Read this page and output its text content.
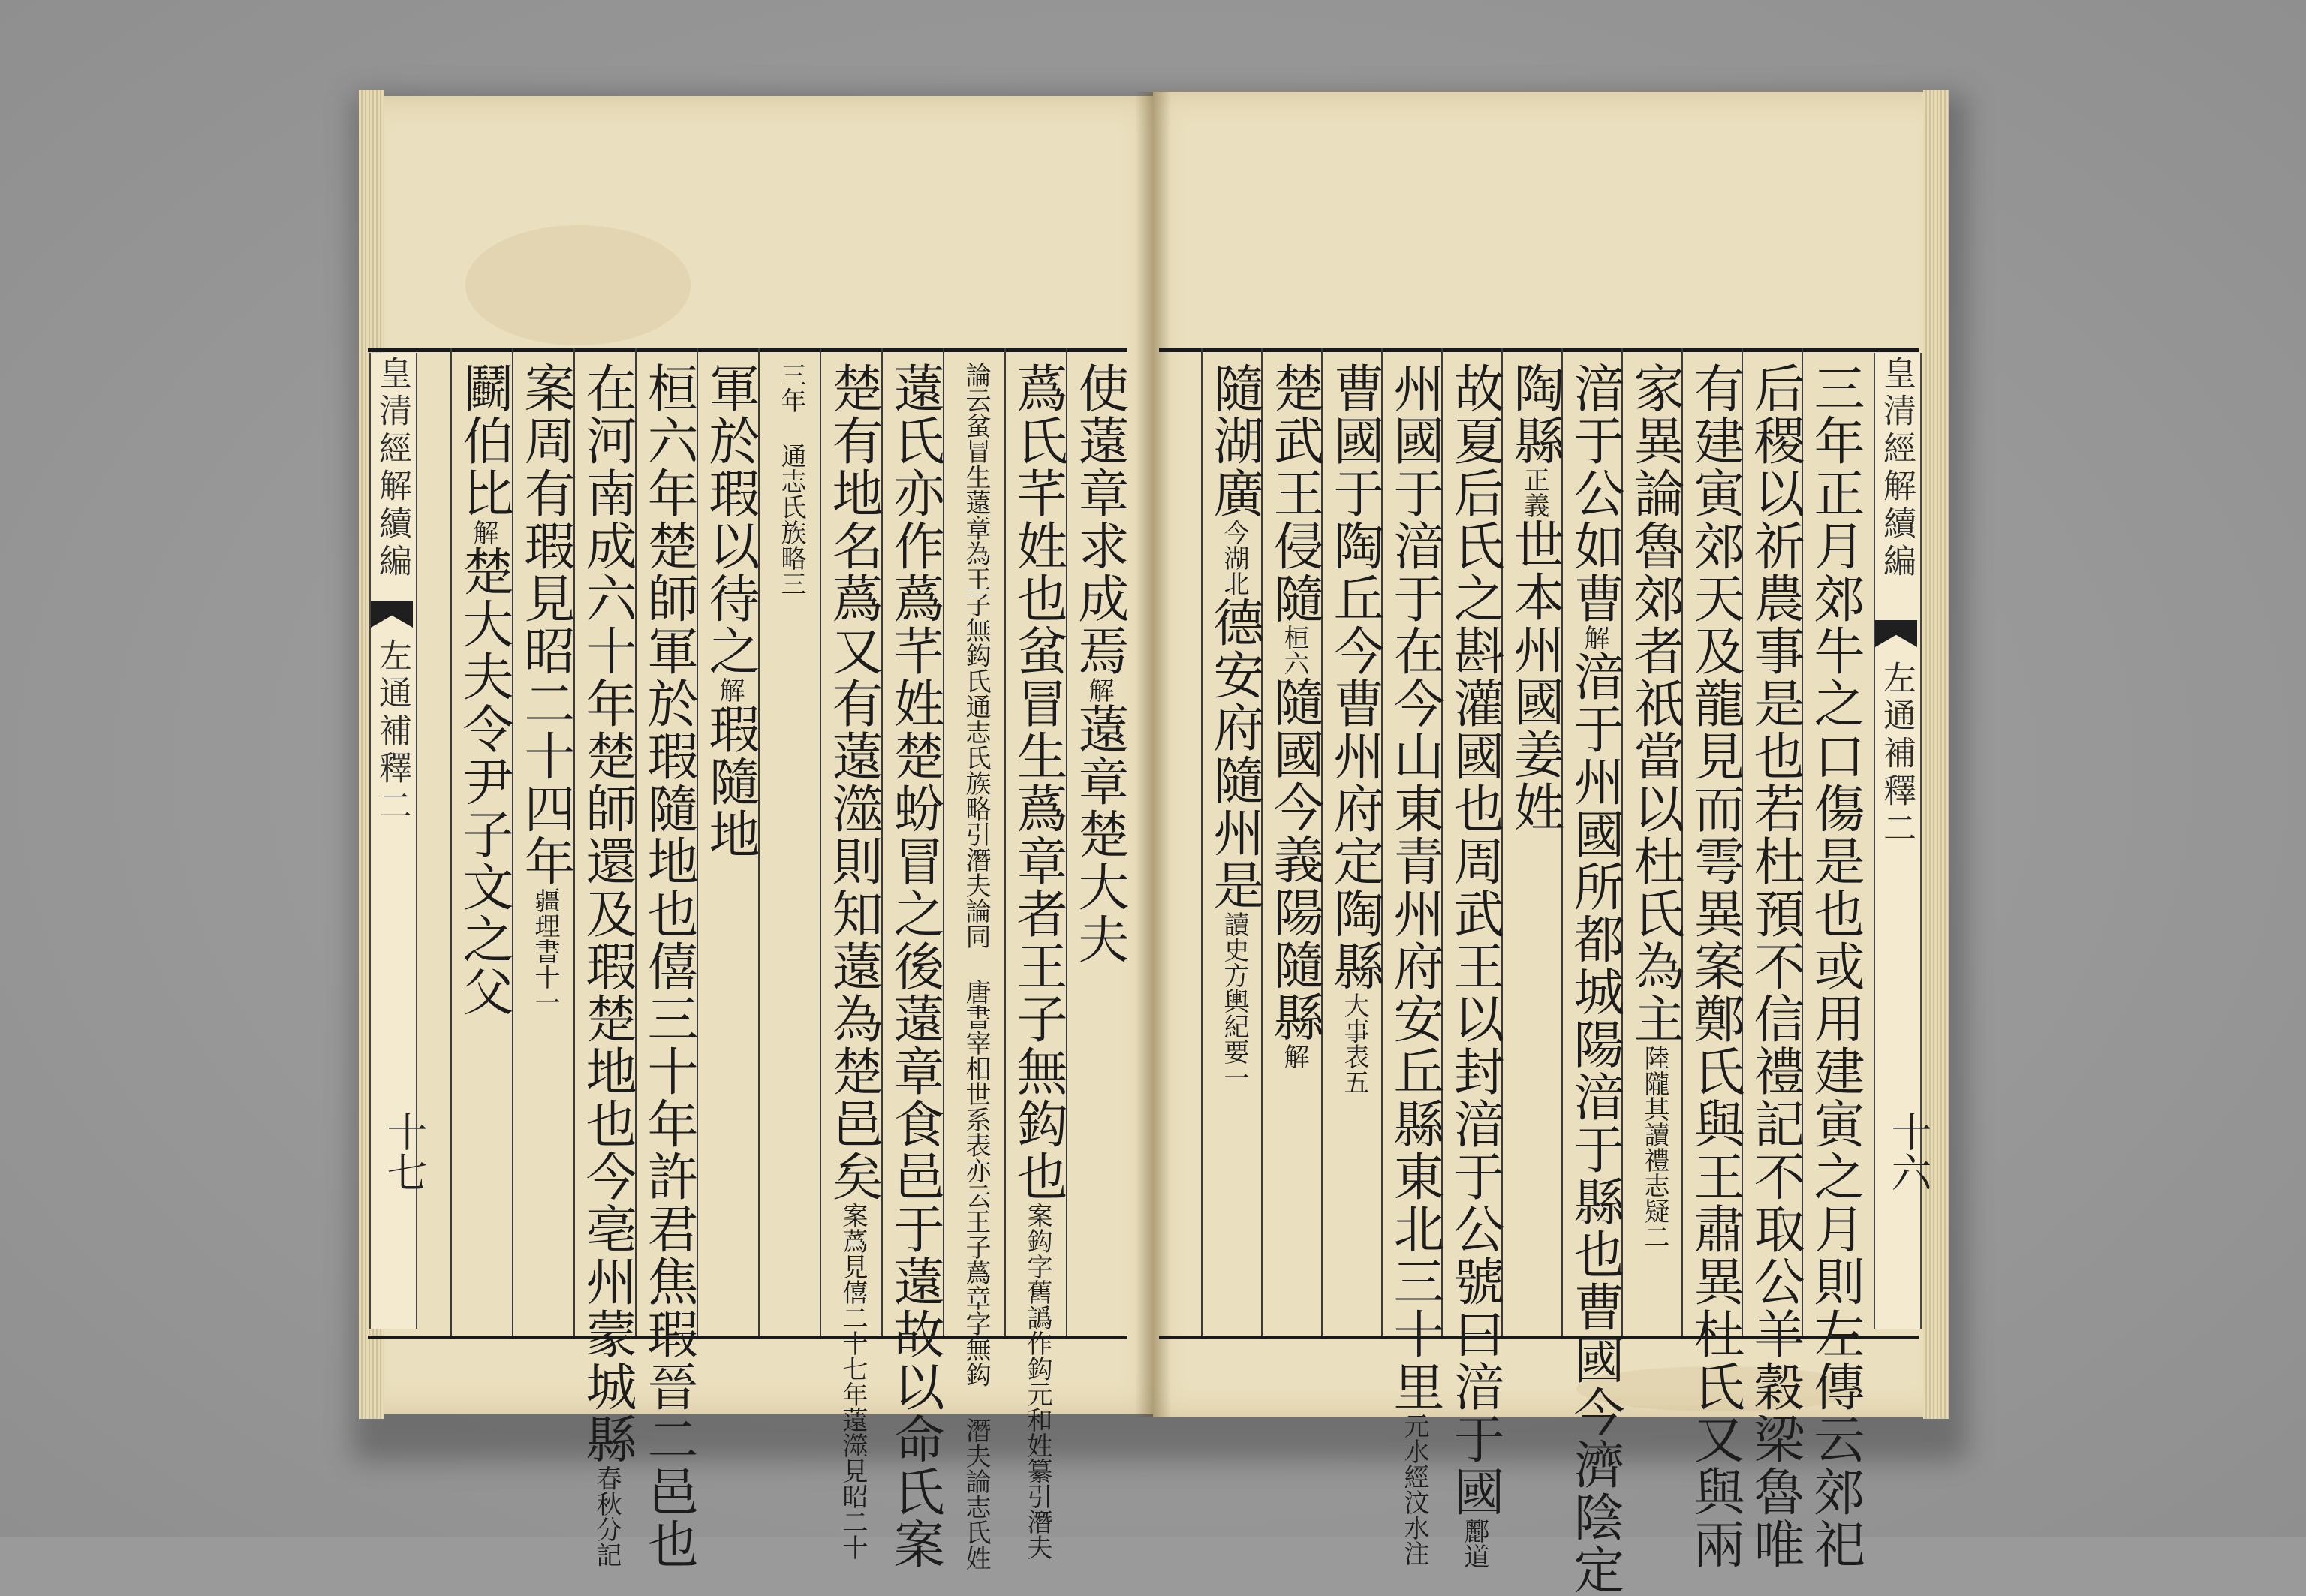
皇清經解續編
左通補釋二
十六
三年正月郊牛之口傷是也或用建寅之月則左傳云郊祀
后稷以祈農事是也若杜預不信禮記不取公羊穀梁魯唯
有建寅郊天及龍見而雩異案鄭氏與王肅異杜氏又與兩
家異論魯郊者祇當以杜氏為主陸隴其讀禮志疑二
湆于公如曹解湆于州國所都城陽湆于縣也曹國今濟陰定
陶縣正義世本州國姜姓
故夏后氏之斟灌國也周武王以封湆于公號曰湆于國酈道
州國于湆于在今山東青州府安丘縣東北三十里元水經汶水注
曹國于陶丘今曹州府定陶縣大事表五
楚武王侵隨桓六隨國今義陽隨縣解
隨湖廣今湖北德安府隨州是讀史方輿紀要一
皇清經解續編
左通補釋二
十七
使薳章求成焉解薳章楚大夫
蔿氏芊姓也蚠冒生蔿章者王子無鈎也案鈎字舊譌作鈎元和姓纂引潛夫
論云蚠冒生薳章為王子無鈎氏通志氏族略引潛夫論同 唐書宰相世系表亦云王子蔿章字無鈎 潛夫論志氏姓
薳氏亦作蔿芊姓楚蚡冒之後薳章食邑于薳故以命氏案
楚有地名蔿又有薳澨則知薳為楚邑矣案蔿見僖二十七年薳澨見昭二十
三年 通志氏族略三
軍於瑕以待之解瑕隨地
桓六年楚師軍於瑕隨地也僖三十年許君焦瑕晉二邑也
在河南成六十年楚師還及瑕楚地也今亳州蒙城縣春秋分記
案周有瑕見昭二十四年疆理書十一
鬬伯比解楚大夫令尹子文之父
